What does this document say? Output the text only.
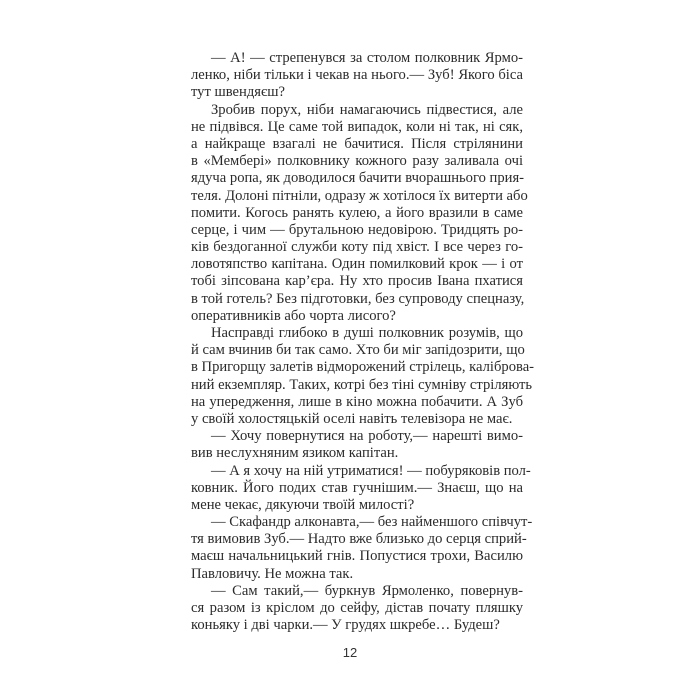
— А! — стрепенувся за столом полковник Ярмо-
ленко, ніби тільки і чекав на нього.— Зуб! Якого біса
тут швендяєш?
Зробив порух, ніби намагаючись підвестися, але
не підвівся. Це саме той випадок, коли ні так, ні сяк,
а найкраще взагалі не бачитися. Після стрілянини
в «Мембері» полковнику кожного разу заливала очі
ядуча ропа, як доводилося бачити вчорашнього прия-
теля. Долоні пітніли, одразу ж хотілося їх витерти або
помити. Когось ранять кулею, а його вразили в саме
серце, і чим — брутальною недовірою. Тридцять ро-
ків бездоганної служби коту під хвіст. І все через го-
ловотяпство капітана. Один помилковий крок — і от
тобі зіпсована кар’єра. Ну хто просив Івана пхатися
в той готель? Без підготовки, без супроводу спецназу,
оперативників або чорта лисого?
Насправді глибоко в душі полковник розумів, що
й сам вчинив би так само. Хто би міг запідозрити, що
в Пригорщу залетів відморожений стрілець, каліброва-
ний екземпляр. Таких, котрі без тіні сумніву стріляють
на упередження, лише в кіно можна побачити. А Зуб
у своїй холостяцькій оселі навіть телевізора не має.
— Хочу повернутися на роботу,— нарешті вимо-
вив неслухняним язиком капітан.
— А я хочу на ній утриматися! — побуряковів пол-
ковник. Його подих став гучнішим.— Знаєш, що на
мене чекає, дякуючи твоїй милості?
— Скафандр алконавта,— без найменшого співчут-
тя вимовив Зуб.— Надто вже близько до серця сприй-
маєш начальницький гнів. Попустися трохи, Василю
Павловичу. Не можна так.
— Сам такий,— буркнув Ярмоленко, повернув-
ся разом із кріслом до сейфу, дістав почату пляшку
коньяку і дві чарки.— У грудях шкребе… Будеш?
12
